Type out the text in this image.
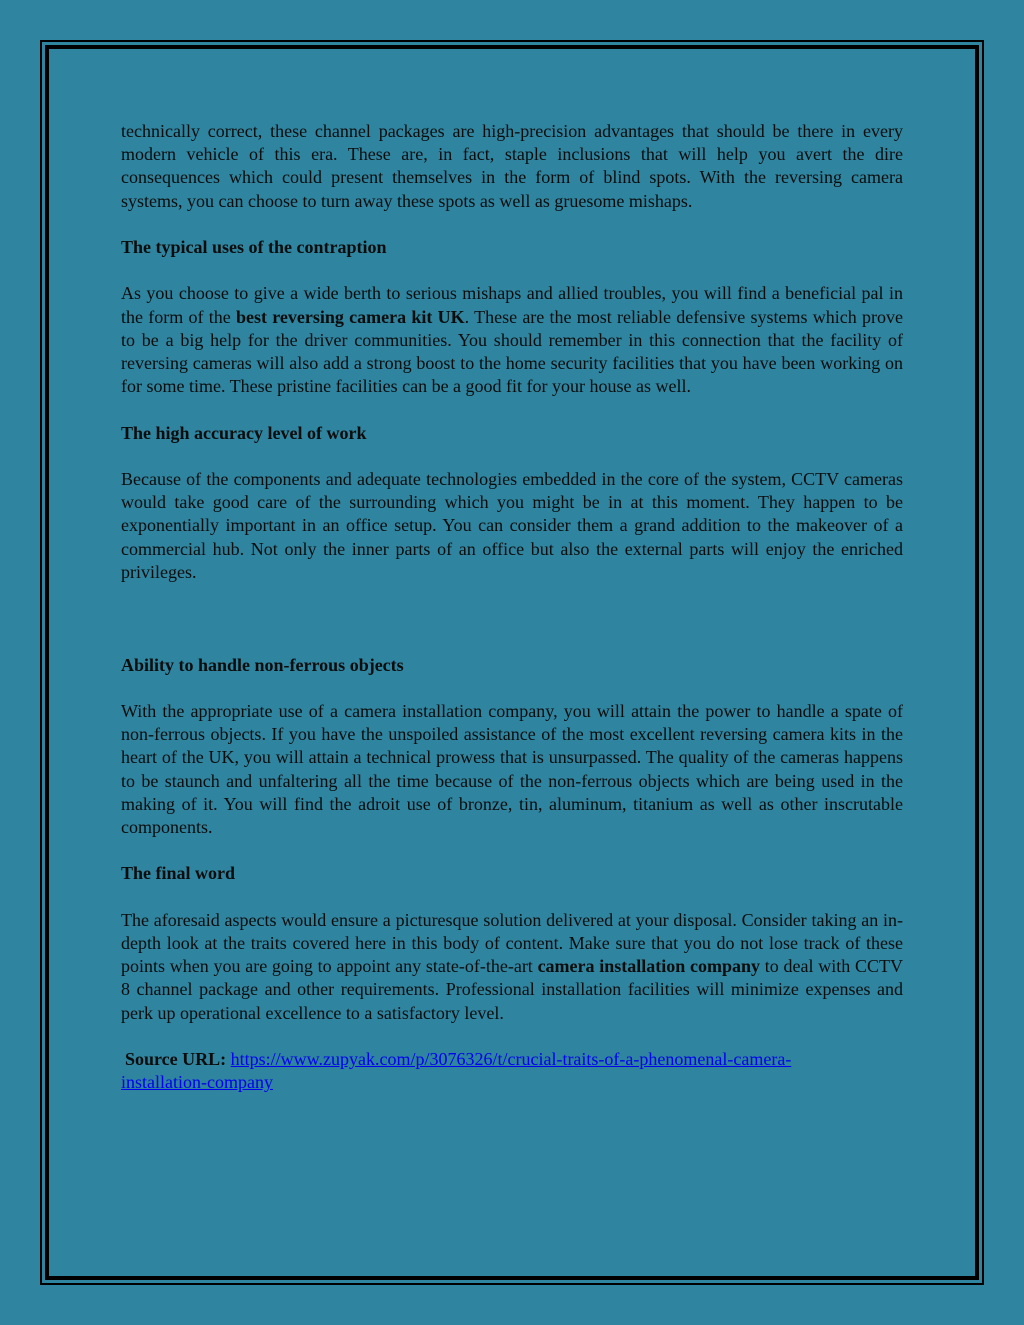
technically correct, these channel packages are high-precision advantages that should be there in every modern vehicle of this era. These are, in fact, staple inclusions that will help you avert the dire consequences which could present themselves in the form of blind spots. With the reversing camera systems, you can choose to turn away these spots as well as gruesome mishaps.

The typical uses of the contraption

As you choose to give a wide berth to serious mishaps and allied troubles, you will find a beneficial pal in the form of the best reversing camera kit UK. These are the most reliable defensive systems which prove to be a big help for the driver communities. You should remember in this connection that the facility of reversing cameras will also add a strong boost to the home security facilities that you have been working on for some time. These pristine facilities can be a good fit for your house as well.

The high accuracy level of work

Because of the components and adequate technologies embedded in the core of the system, CCTV cameras would take good care of the surrounding which you might be in at this moment. They happen to be exponentially important in an office setup. You can consider them a grand addition to the makeover of a commercial hub. Not only the inner parts of an office but also the external parts will enjoy the enriched privileges.

Ability to handle non-ferrous objects

With the appropriate use of a camera installation company, you will attain the power to handle a spate of non-ferrous objects. If you have the unspoiled assistance of the most excellent reversing camera kits in the heart of the UK, you will attain a technical prowess that is unsurpassed. The quality of the cameras happens to be staunch and unfaltering all the time because of the non-ferrous objects which are being used in the making of it. You will find the adroit use of bronze, tin, aluminum, titanium as well as other inscrutable components.

The final word

The aforesaid aspects would ensure a picturesque solution delivered at your disposal. Consider taking an in-depth look at the traits covered here in this body of content. Make sure that you do not lose track of these points when you are going to appoint any state-of-the-art camera installation company to deal with CCTV 8 channel package and other requirements. Professional installation facilities will minimize expenses and perk up operational excellence to a satisfactory level.

Source URL: https://www.zupyak.com/p/3076326/t/crucial-traits-of-a-phenomenal-camera-
installation-company
